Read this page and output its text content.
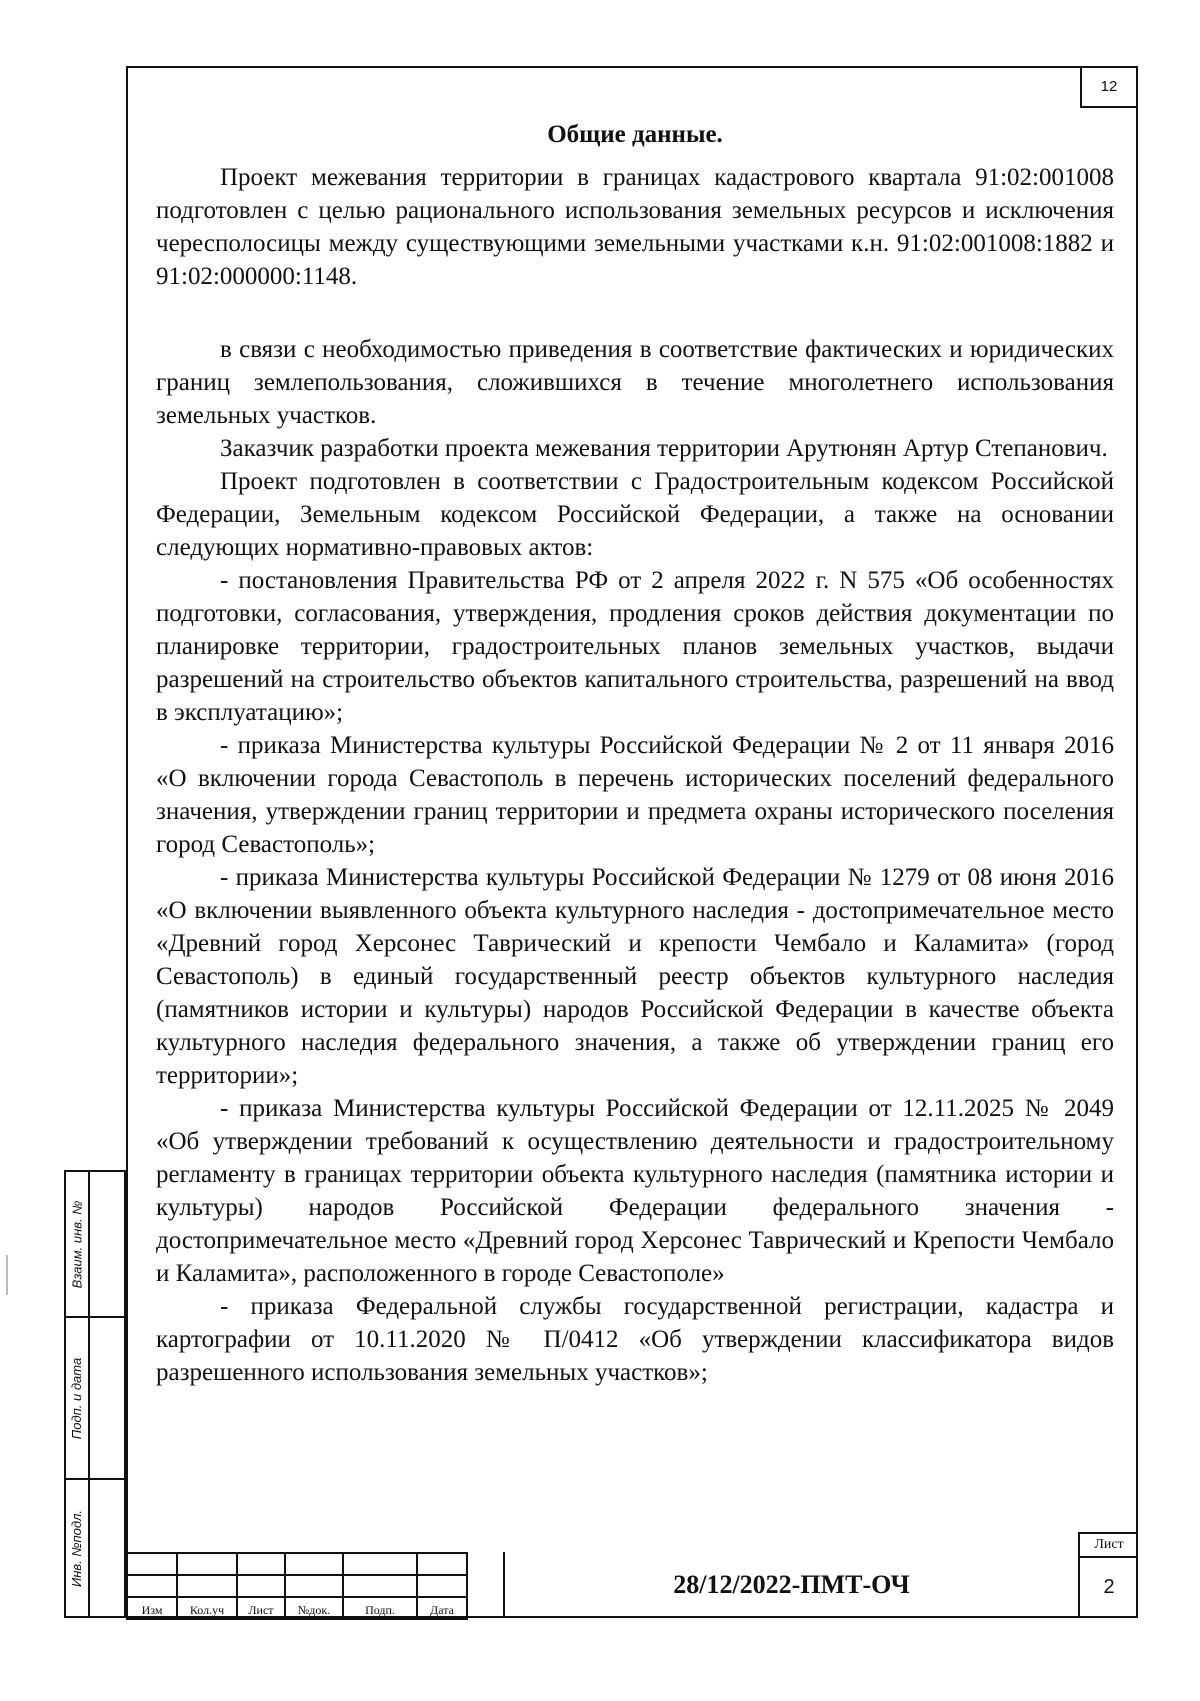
12
Общие данные.

Проект межевания территории в границах кадастрового квартала 91:02:001008 подготовлен с целью рационального использования земельных ресурсов и исключения чересполосицы между существующими земельными участками к.н. 91:02:001008:1882 и 91:02:000000:1148.

в связи с необходимостью приведения в соответствие фактических и юридических границ землепользования, сложившихся в течение многолетнего использования земельных участков.

Заказчик разработки проекта межевания территории Арутюнян Артур Степанович.

Проект подготовлен в соответствии с Градостроительным кодексом Российской Федерации, Земельным кодексом Российской Федерации, а также на основании следующих нормативно-правовых актов:

- постановления Правительства РФ от 2 апреля 2022 г. N 575 «Об особенностях подготовки, согласования, утверждения, продления сроков действия документации по планировке территории, градостроительных планов земельных участков, выдачи разрешений на строительство объектов капитального строительства, разрешений на ввод в эксплуатацию»;

- приказа Министерства культуры Российской Федерации № 2 от 11 января 2016 «О включении города Севастополь в перечень исторических поселений федерального значения, утверждении границ территории и предмета охраны исторического поселения город Севастополь»;

- приказа Министерства культуры Российской Федерации № 1279 от 08 июня 2016 «О включении выявленного объекта культурного наследия - достопримечательное место «Древний город Херсонес Таврический и крепости Чембало и Каламита» (город Севастополь) в единый государственный реестр объектов культурного наследия (памятников истории и культуры) народов Российской Федерации в качестве объекта культурного наследия федерального значения, а также об утверждении границ его территории»;

- приказа Министерства культуры Российской Федерации от 12.11.2025 № 2049 «Об утверждении требований к осуществлению деятельности и градостроительному регламенту в границах территории объекта культурного наследия (памятника истории и культуры) народов Российской Федерации федерального значения - достопримечательное место «Древний город Херсонес Таврический и Крепости Чембало и Каламита», расположенного в городе Севастополе»

- приказа Федеральной службы государственной регистрации, кадастра и картографии от 10.11.2020 № П/0412 «Об утверждении классификатора видов разрешенного использования земельных участков»;

Взаим. инв. №
Подп. и дата
Инв. №подл.

Изм	Кол.уч	Лист	№док.	Подп.	Дата
28/12/2022-ПМТ-ОЧ
Лист
2
